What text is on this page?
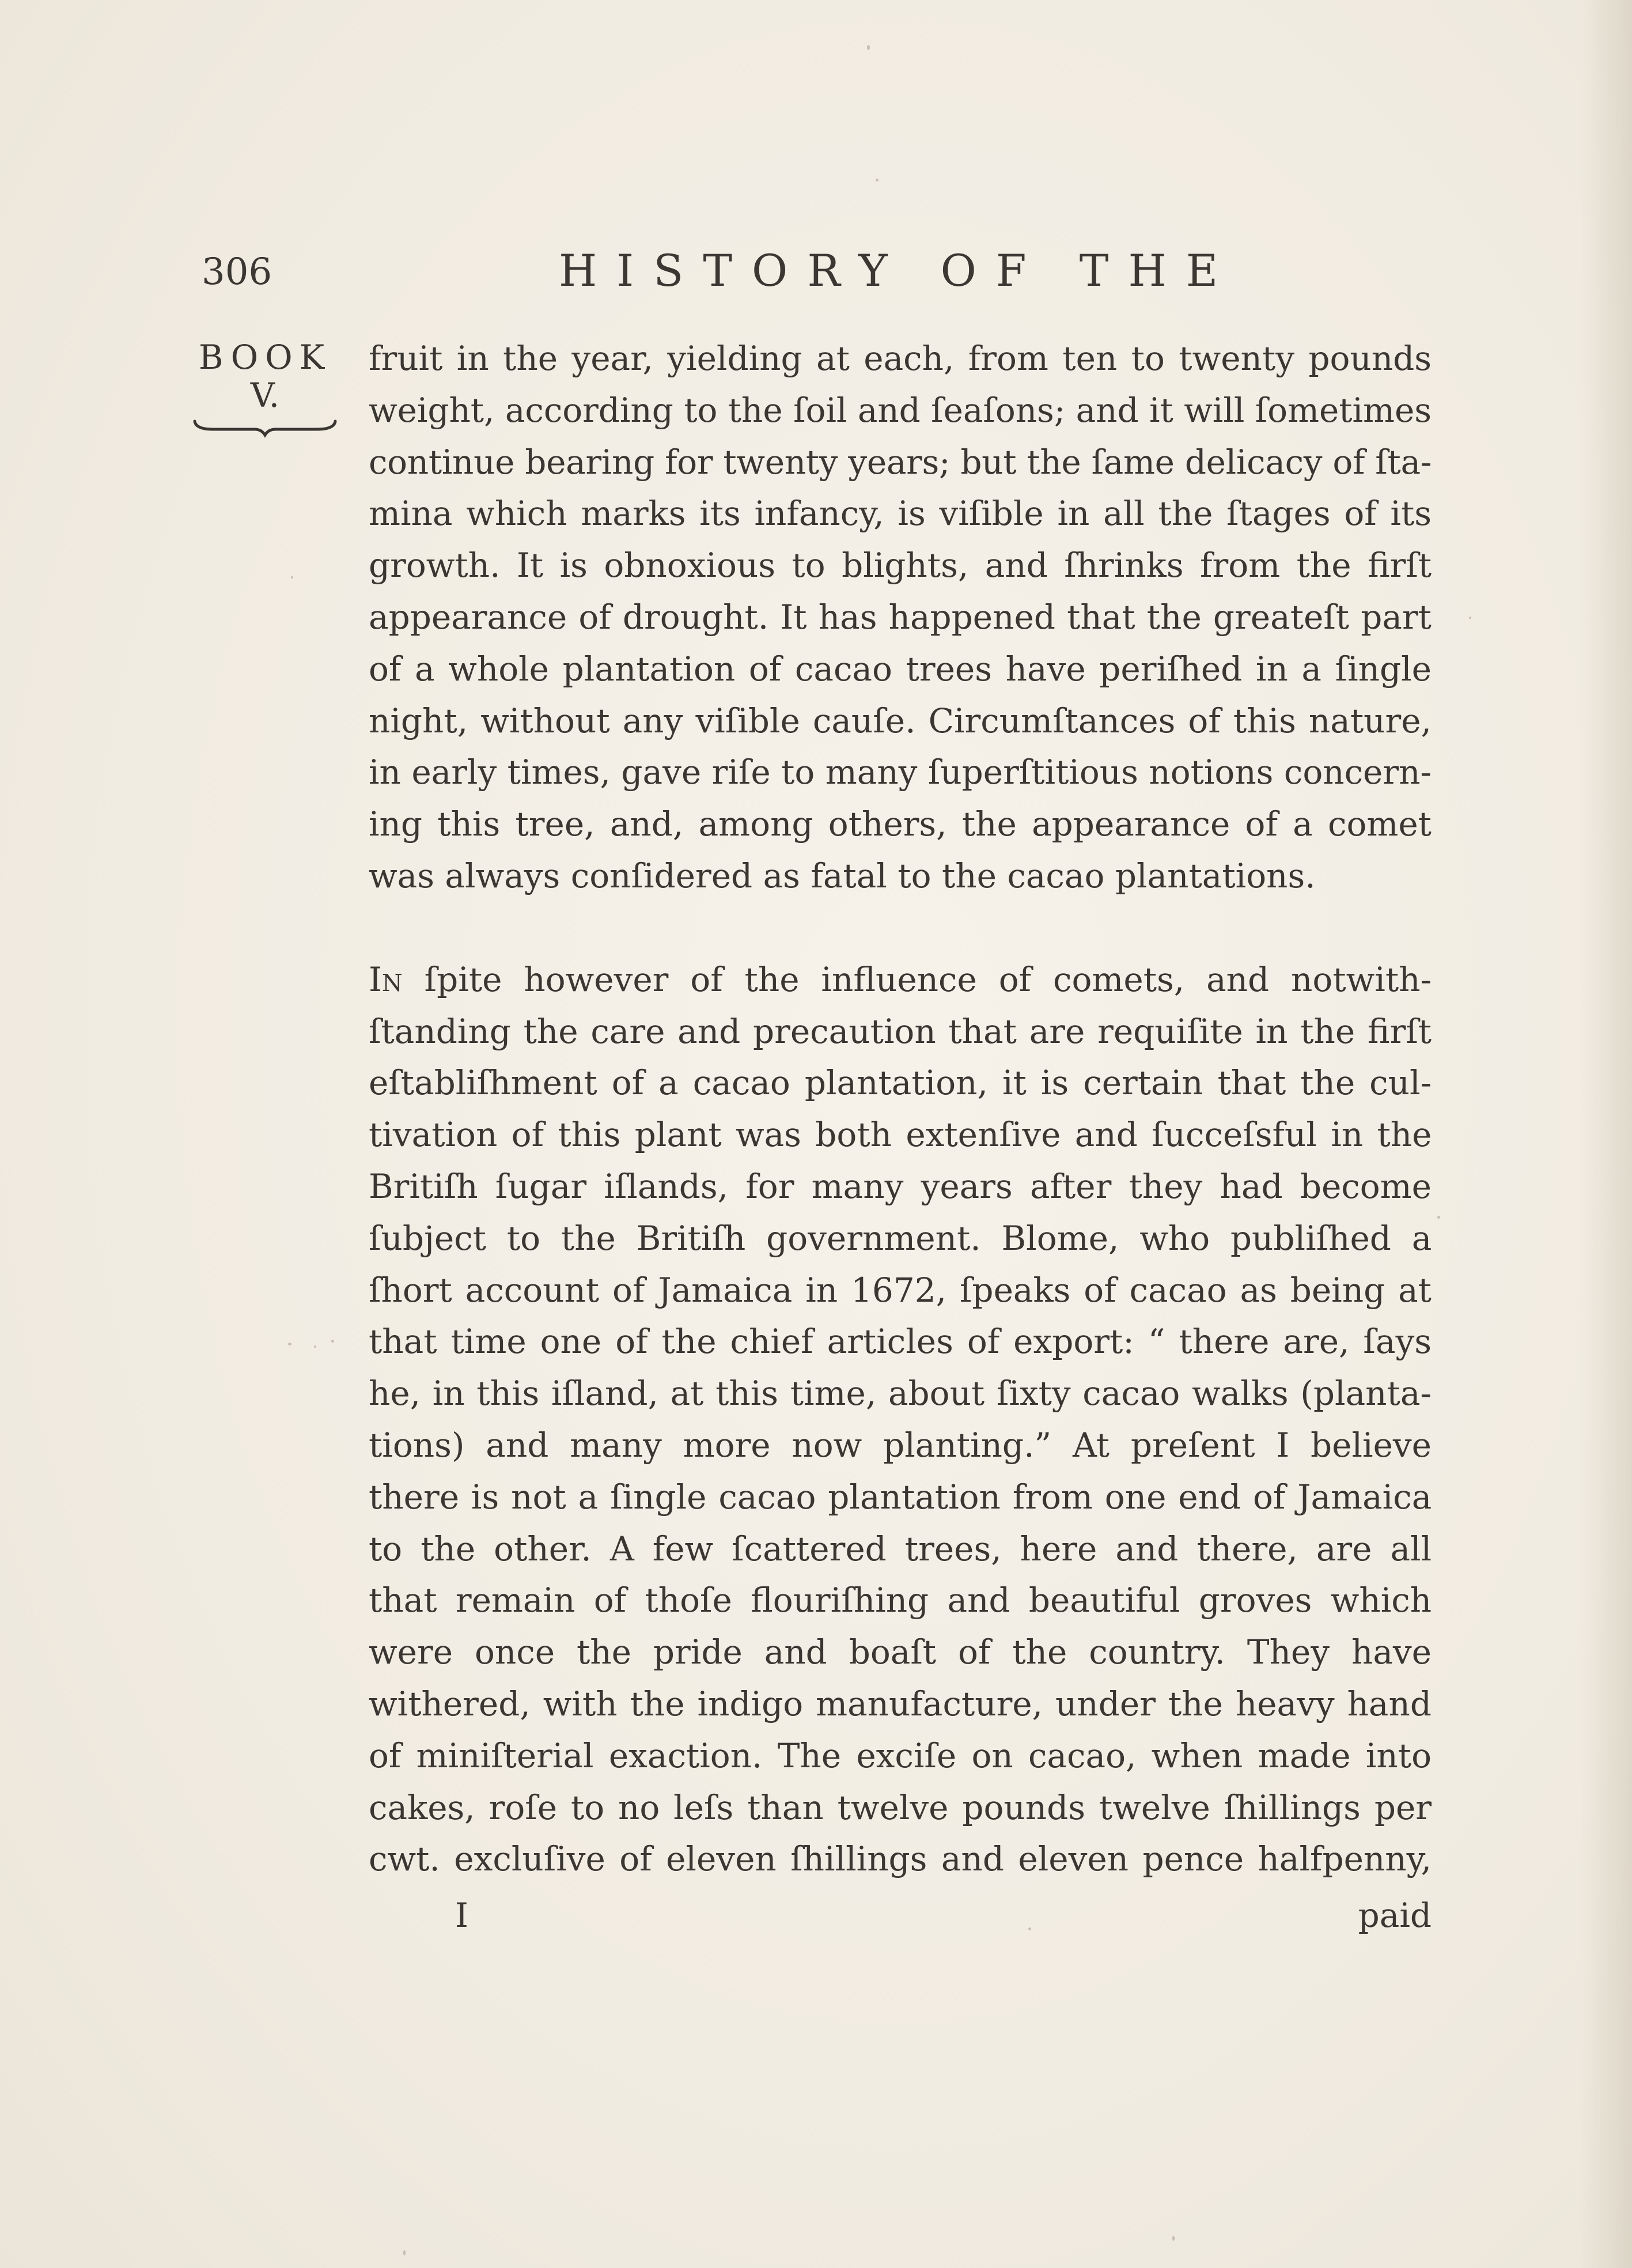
306	HISTORY OF THE
BOOK
V.
fruit in the year, yielding at each, from ten to twenty pounds
weight, according to the ſoil and ſeaſons; and it will ſometimes
continue bearing for twenty years; but the ſame delicacy of ſta-
mina which marks its infancy, is viſible in all the ſtages of its
growth. It is obnoxious to blights, and ſhrinks from the firſt
appearance of drought. It has happened that the greateſt part
of a whole plantation of cacao trees have periſhed in a ſingle
night, without any viſible cauſe. Circumſtances of this nature,
in early times, gave riſe to many ſuperſtitious notions concern-
ing this tree, and, among others, the appearance of a comet
was always conſidered as fatal to the cacao plantations.
In ſpite however of the influence of comets, and notwith-
ſtanding the care and precaution that are requiſite in the firſt
eſtabliſhment of a cacao plantation, it is certain that the cul-
tivation of this plant was both extenſive and ſucceſsful in the
Britiſh ſugar iſlands, for many years after they had become
ſubject to the Britiſh government. Blome, who publiſhed a
ſhort account of Jamaica in 1672, ſpeaks of cacao as being at
that time one of the chief articles of export: “ there are, ſays
he, in this iſland, at this time, about ſixty cacao walks (planta-
tions) and many more now planting.” At preſent I believe
there is not a ſingle cacao plantation from one end of Jamaica
to the other. A few ſcattered trees, here and there, are all
that remain of thoſe flouriſhing and beautiful groves which
were once the pride and boaſt of the country. They have
withered, with the indigo manufacture, under the heavy hand
of miniſterial exaction. The exciſe on cacao, when made into
cakes, roſe to no leſs than twelve pounds twelve ſhillings per
cwt. excluſive of eleven ſhillings and eleven pence halfpenny,
I	paid
